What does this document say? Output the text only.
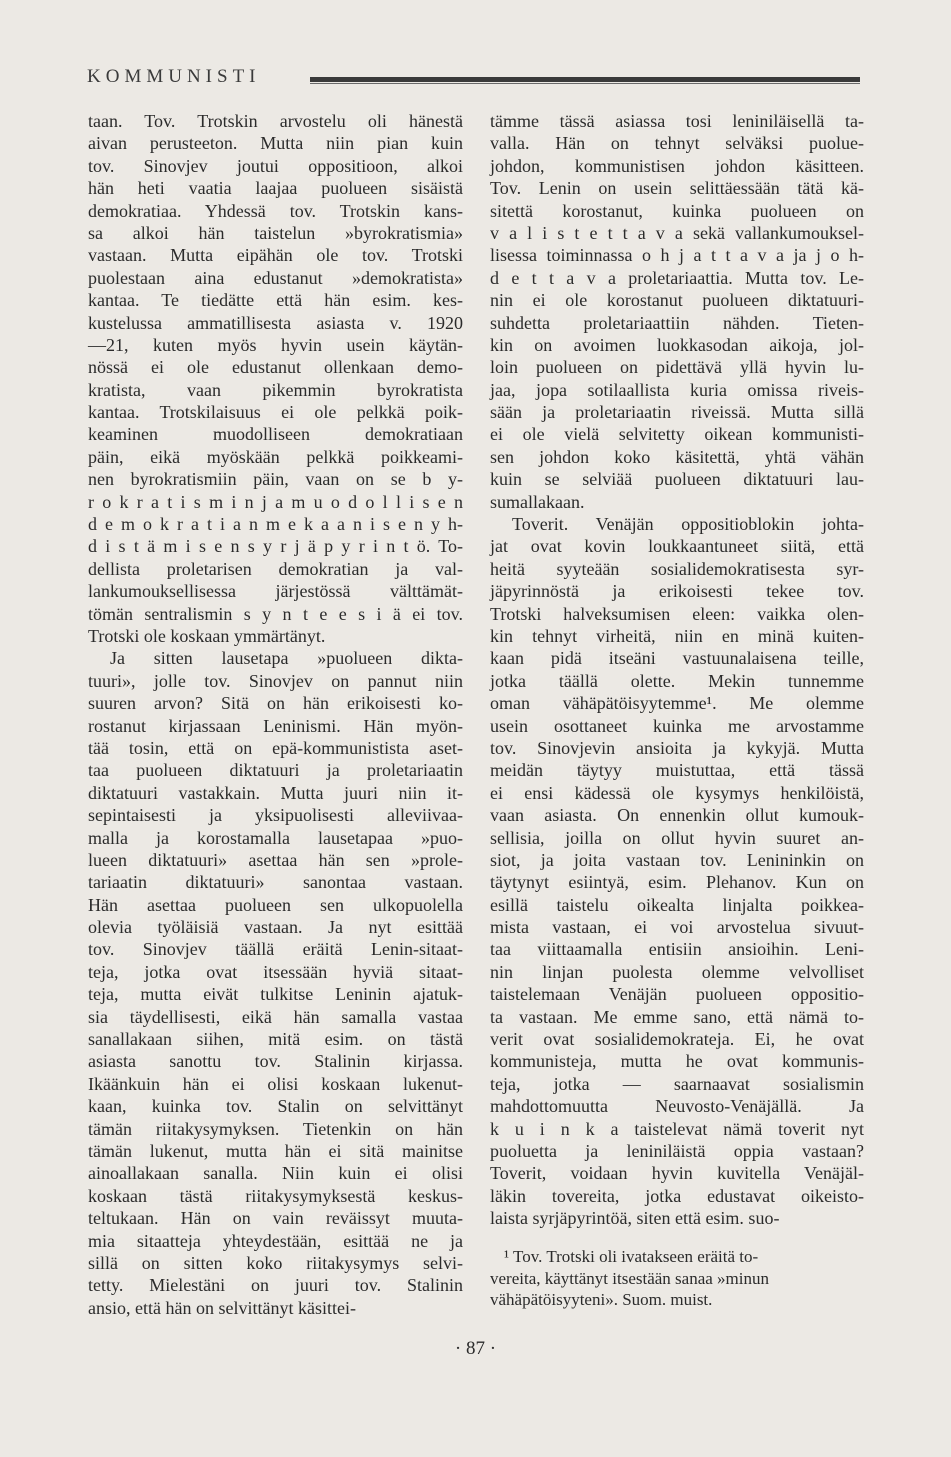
KOMMUNISTI
taan. Tov. Trotskin arvostelu oli hänestä
aivan perusteeton. Mutta niin pian kuin
tov. Sinovjev joutui oppositioon, alkoi
hän heti vaatia laajaa puolueen sisäistä
demokratiaa. Yhdessä tov. Trotskin kans-
sa alkoi hän taistelun »byrokratismia»
vastaan. Mutta eipähän ole tov. Trotski
puolestaan aina edustanut »demokratista»
kantaa. Te tiedätte että hän esim. kes-
kustelussa ammatillisesta asiasta v. 1920
—21, kuten myös hyvin usein käytän-
nössä ei ole edustanut ollenkaan demo-
kratista, vaan pikemmin byrokratista
kantaa. Trotskilaisuus ei ole pelkkä poik-
keaminen muodolliseen demokratiaan
päin, eikä myöskään pelkkä poikkeami-
nen byrokratismiin päin, vaan on se b y-
r o k r a t i s m i n j a m u o d o l l i s e n
d e m o k r a t i a n m e k a a n i s e n y h-
d i s t ä m i s e n s y r j ä p y r i n t ö. To-
dellista proletarisen demokratian ja val-
lankumouksellisessa järjestössä välttämät-
tömän sentralismin s y n t e e s i ä ei tov.
Trotski ole koskaan ymmärtänyt.
Ja sitten lausetapa »puolueen dikta-
tuuri», jolle tov. Sinovjev on pannut niin
suuren arvon? Sitä on hän erikoisesti ko-
rostanut kirjassaan Leninismi. Hän myön-
tää tosin, että on epä-kommunistista aset-
taa puolueen diktatuuri ja proletariaatin
diktatuuri vastakkain. Mutta juuri niin it-
sepintaisesti ja yksipuolisesti alleviivaa-
malla ja korostamalla lausetapaa »puo-
lueen diktatuuri» asettaa hän sen »prole-
tariaatin diktatuuri» sanontaa vastaan.
Hän asettaa puolueen sen ulkopuolella
olevia työläisiä vastaan. Ja nyt esittää
tov. Sinovjev täällä eräitä Lenin-sitaat-
teja, jotka ovat itsessään hyviä sitaat-
teja, mutta eivät tulkitse Leninin ajatuk-
sia täydellisesti, eikä hän samalla vastaa
sanallakaan siihen, mitä esim. on tästä
asiasta sanottu tov. Stalinin kirjassa.
Ikäänkuin hän ei olisi koskaan lukenut-
kaan, kuinka tov. Stalin on selvittänyt
tämän riitakysymyksen. Tietenkin on hän
tämän lukenut, mutta hän ei sitä mainitse
ainoallakaan sanalla. Niin kuin ei olisi
koskaan tästä riitakysymyksestä keskus-
teltukaan. Hän on vain reväissyt muuta-
mia sitaatteja yhteydestään, esittää ne ja
sillä on sitten koko riitakysymys selvi-
tetty. Mielestäni on juuri tov. Stalinin
ansio, että hän on selvittänyt käsittei-
tämme tässä asiassa tosi leniniläisellä ta-
valla. Hän on tehnyt selväksi puolue-
johdon, kommunistisen johdon käsitteen.
Tov. Lenin on usein selittäessään tätä kä-
sitettä korostanut, kuinka puolueen on
v a l i s t e t t a v a sekä vallankumouksel-
lisessa toiminnassa o h j a t t a v a ja j o h-
d e t t a v a proletariaattia. Mutta tov. Le-
nin ei ole korostanut puolueen diktatuuri-
suhdetta proletariaattiin nähden. Tieten-
kin on avoimen luokkasodan aikoja, jol-
loin puolueen on pidettävä yllä hyvin lu-
jaa, jopa sotilaallista kuria omissa riveis-
sään ja proletariaatin riveissä. Mutta sillä
ei ole vielä selvitetty oikean kommunisti-
sen johdon koko käsitettä, yhtä vähän
kuin se selviää puolueen diktatuuri lau-
sumallakaan.
Toverit. Venäjän oppositioblokin johta-
jat ovat kovin loukkaantuneet siitä, että
heitä syyteään sosialidemokratisesta syr-
jäpyrinnöstä ja erikoisesti tekee tov.
Trotski halveksumisen eleen: vaikka olen-
kin tehnyt virheitä, niin en minä kuiten-
kaan pidä itseäni vastuunalaisena teille,
jotka täällä olette. Mekin tunnemme
oman vähäpätöisyytemme¹. Me olemme
usein osottaneet kuinka me arvostamme
tov. Sinovjevin ansioita ja kykyjä. Mutta
meidän täytyy muistuttaa, että tässä
ei ensi kädessä ole kysymys henkilöistä,
vaan asiasta. On ennenkin ollut kumouk-
sellisia, joilla on ollut hyvin suuret an-
siot, ja joita vastaan tov. Lenininkin on
täytynyt esiintyä, esim. Plehanov. Kun on
esillä taistelu oikealta linjalta poikkea-
mista vastaan, ei voi arvostelua sivuut-
taa viittaamalla entisiin ansioihin. Leni-
nin linjan puolesta olemme velvolliset
taistelemaan Venäjän puolueen oppositio-
ta vastaan. Me emme sano, että nämä to-
verit ovat sosialidemokrateja. Ei, he ovat
kommunisteja, mutta he ovat kommunis-
teja, jotka — saarnaavat sosialismin
mahdottomuutta Neuvosto-Venäjällä. Ja
k u i n k a taistelevat nämä toverit nyt
puoluetta ja leniniläistä oppia vastaan?
Toverit, voidaan hyvin kuvitella Venäjäl-
läkin tovereita, jotka edustavat oikeisto-
laista syrjäpyrintöä, siten että esim. suo-
¹ Tov. Trotski oli ivatakseen eräitä to-
vereita, käyttänyt itsestään sanaa »minun
vähäpätöisyyteni». Suom. muist.
· 87 ·
